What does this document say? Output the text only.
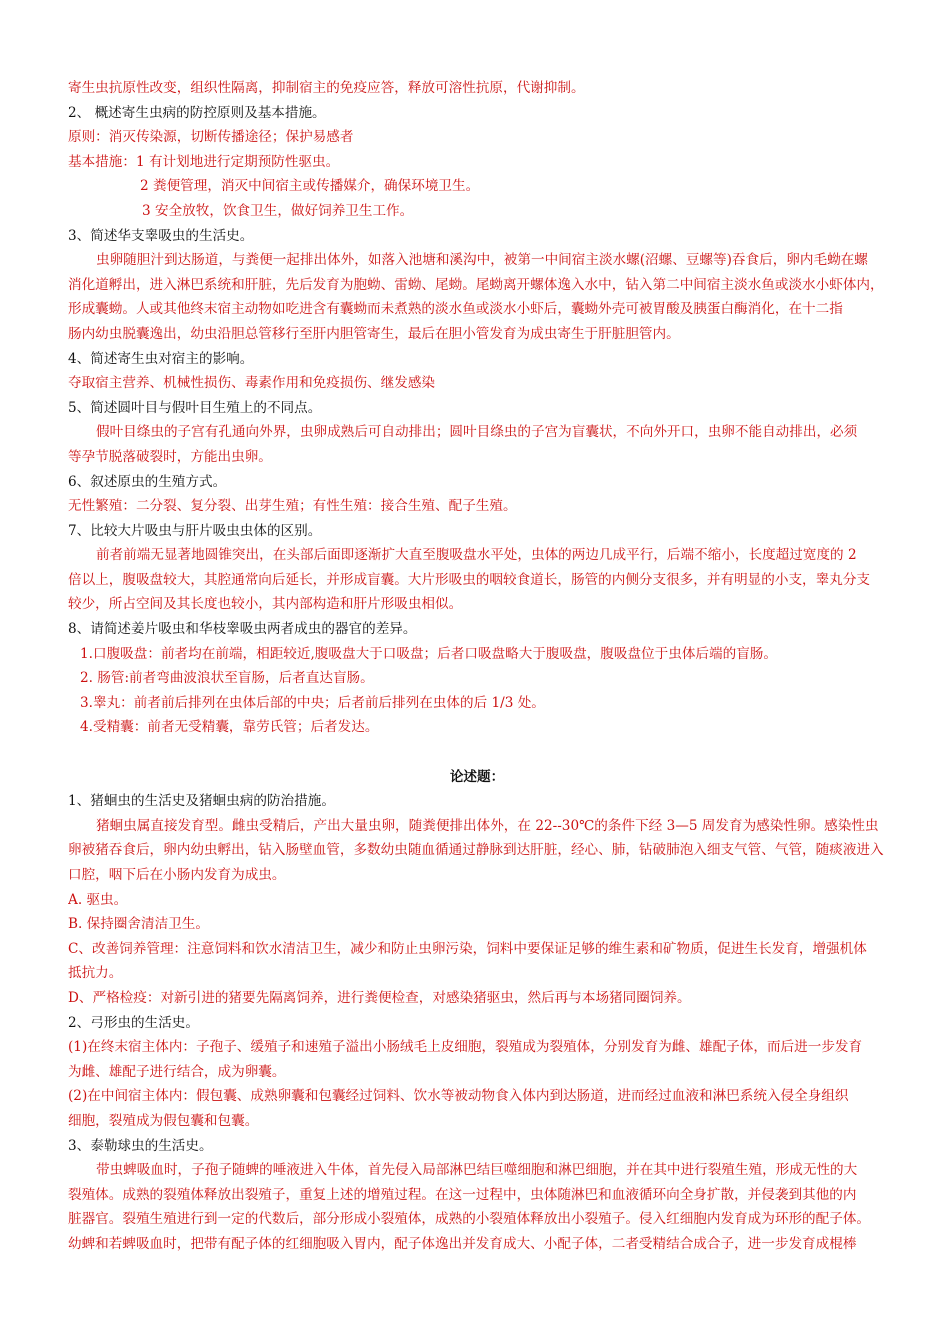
寄生虫抗原性改变，组织性隔离，抑制宿主的免疫应答，释放可溶性抗原，代谢抑制。
2、 概述寄生虫病的防控原则及基本措施。
原则：消灭传染源，切断传播途径；保护易感者
基本措施：1 有计划地进行定期预防性驱虫。
2 粪便管理，消灭中间宿主或传播媒介，确保环境卫生。
3 安全放牧，饮食卫生，做好饲养卫生工作。
3、简述华支睾吸虫的生活史。
虫卵随胆汁到达肠道，与粪便一起排出体外，如落入池塘和溪沟中，被第一中间宿主淡水螺(沼螺、豆螺等)吞食后，卵内毛蚴在螺
消化道孵出，进入淋巴系统和肝脏，先后发育为胞蚴、雷蚴、尾蚴。尾蚴离开螺体逸入水中，钻入第二中间宿主淡水鱼或淡水小虾体内，
形成囊蚴。人或其他终末宿主动物如吃进含有囊蚴而未煮熟的淡水鱼或淡水小虾后，囊蚴外壳可被胃酸及胰蛋白酶消化，在十二指
肠内幼虫脱囊逸出，幼虫沿胆总管移行至肝内胆管寄生，最后在胆小管发育为成虫寄生于肝脏胆管内。
4、简述寄生虫对宿主的影响。
夺取宿主营养、机械性损伤、毒素作用和免疫损伤、继发感染
5、简述圆叶目与假叶目生殖上的不同点。
假叶目绦虫的子宫有孔通向外界，虫卵成熟后可自动排出；圆叶目绦虫的子宫为盲囊状，不向外开口，虫卵不能自动排出，必须
等孕节脱落破裂时，方能出虫卵。
6、叙述原虫的生殖方式。
无性繁殖：二分裂、复分裂、出芽生殖；有性生殖：接合生殖、配子生殖。
7、比较大片吸虫与肝片吸虫虫体的区别。
前者前端无显著地圆锥突出，在头部后面即逐渐扩大直至腹吸盘水平处，虫体的两边几成平行，后端不缩小，长度超过宽度的 2
倍以上，腹吸盘较大，其腔通常向后延长，并形成盲囊。大片形吸虫的咽较食道长，肠管的内侧分支很多，并有明显的小支，睾丸分支
较少，所占空间及其长度也较小，其内部构造和肝片形吸虫相似。
8、请简述姜片吸虫和华枝睾吸虫两者成虫的器官的差异。
1.口腹吸盘：前者均在前端，相距较近,腹吸盘大于口吸盘；后者口吸盘略大于腹吸盘，腹吸盘位于虫体后端的盲肠。
2. 肠管:前者弯曲波浪状至盲肠，后者直达盲肠。
3.睾丸：前者前后排列在虫体后部的中央；后者前后排列在虫体的后 1/3 处。
4.受精囊：前者无受精囊，靠劳氏管；后者发达。
论述题：
1、猪蛔虫的生活史及猪蛔虫病的防治措施。
猪蛔虫属直接发育型。雌虫受精后，产出大量虫卵，随粪便排出体外，在 22--30℃的条件下经 3—5 周发育为感染性卵。感染性虫
卵被猪吞食后，卵内幼虫孵出，钻入肠壁血管，多数幼虫随血循通过静脉到达肝脏，经心、肺，钻破肺泡入细支气管、气管，随痰液进入
口腔，咽下后在小肠内发育为成虫。
A. 驱虫。
B. 保持圈舍清洁卫生。
C、改善饲养管理：注意饲料和饮水清洁卫生，减少和防止虫卵污染，饲料中要保证足够的维生素和矿物质，促进生长发育，增强机体
抵抗力。
D、严格检疫：对新引进的猪要先隔离饲养，进行粪便检查，对感染猪驱虫，然后再与本场猪同圈饲养。
2、弓形虫的生活史。
(1)在终末宿主体内：子孢子、缓殖子和速殖子溢出小肠绒毛上皮细胞，裂殖成为裂殖体，分别发育为雌、雄配子体，而后进一步发育
为雌、雄配子进行结合，成为卵囊。
(2)在中间宿主体内：假包囊、成熟卵囊和包囊经过饲料、饮水等被动物食入体内到达肠道，进而经过血液和淋巴系统入侵全身组织
细胞，裂殖成为假包囊和包囊。
3、泰勒球虫的生活史。
带虫蜱吸血时，子孢子随蜱的唾液进入牛体，首先侵入局部淋巴结巨噬细胞和淋巴细胞，并在其中进行裂殖生殖，形成无性的大
裂殖体。成熟的裂殖体释放出裂殖子，重复上述的增殖过程。在这一过程中，虫体随淋巴和血液循环向全身扩散，并侵袭到其他的内
脏器官。裂殖生殖进行到一定的代数后，部分形成小裂殖体，成熟的小裂殖体释放出小裂殖子。侵入红细胞内发育成为环形的配子体。
幼蜱和若蜱吸血时，把带有配子体的红细胞吸入胃内，配子体逸出并发育成大、小配子体，二者受精结合成合子，进一步发育成棍棒
